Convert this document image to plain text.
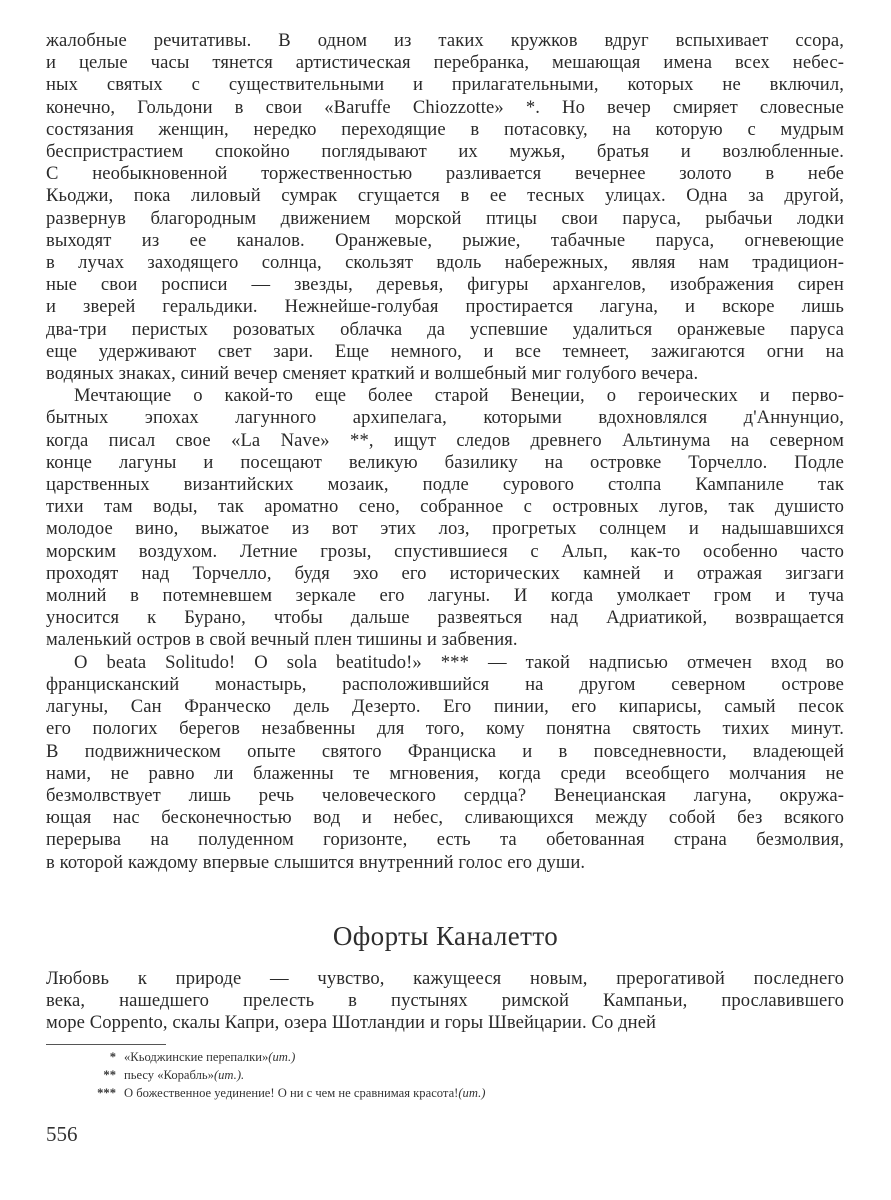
жалобные речитативы. В одном из таких кружков вдруг вспыхивает ссора,
и целые часы тянется артистическая перебранка, мешающая имена всех небес-
ных святых с существительными и прилагательными, которых не включил,
конечно, Гольдони в свои «Baruffe Chiozzotte» *. Но вечер смиряет словесные
состязания женщин, нередко переходящие в потасовку, на которую с мудрым
беспристрастием спокойно поглядывают их мужья, братья и возлюбленные.
С необыкновенной торжественностью разливается вечернее золото в небе
Кьоджи, пока лиловый сумрак сгущается в ее тесных улицах. Одна за другой,
развернув благородным движением морской птицы свои паруса, рыбачьи лодки
выходят из ее каналов. Оранжевые, рыжие, табачные паруса, огневеющие
в лучах заходящего солнца, скользят вдоль набережных, являя нам традицион-
ные свои росписи — звезды, деревья, фигуры архангелов, изображения сирен
и зверей геральдики. Нежнейше-голубая простирается лагуна, и вскоре лишь
два-три перистых розоватых облачка да успевшие удалиться оранжевые паруса
еще удерживают свет зари. Еще немного, и все темнеет, зажигаются огни на
водяных знаках, синий вечер сменяет краткий и волшебный миг голубого вечера.
Мечтающие о какой-то еще более старой Венеции, о героических и перво-
бытных эпохах лагунного архипелага, которыми вдохновлялся д'Аннунцио,
когда писал свое «La Nave» **, ищут следов древнего Альтинума на северном
конце лагуны и посещают великую базилику на островке Торчелло. Подле
царственных византийских мозаик, подле сурового столпа Кампаниле так
тихи там воды, так ароматно сено, собранное с островных лугов, так душисто
молодое вино, выжатое из вот этих лоз, прогретых солнцем и надышавшихся
морским воздухом. Летние грозы, спустившиеся с Альп, как-то особенно часто
проходят над Торчелло, будя эхо его исторических камней и отражая зигзаги
молний в потемневшем зеркале его лагуны. И когда умолкает гром и туча
уносится к Бурано, чтобы дальше развеяться над Адриатикой, возвращается
маленький остров в свой вечный плен тишины и забвения.
O beata Solitudo! O sola beatitudo!» *** — такой надписью отмечен вход во
францисканский монастырь, расположившийся на другом северном острове
лагуны, Сан Франческо дель Дезерто. Его пинии, его кипарисы, самый песок
его пологих берегов незабвенны для того, кому понятна святость тихих минут.
В подвижническом опыте святого Франциска и в повседневности, владеющей
нами, не равно ли блаженны те мгновения, когда среди всеобщего молчания не
безмолвствует лишь речь человеческого сердца? Венецианская лагуна, окружа-
ющая нас бесконечностью вод и небес, сливающихся между собой без всякого
перерыва на полуденном горизонте, есть та обетованная страна безмолвия,
в которой каждому впервые слышится внутренний голос его души.
Офорты Каналетто
Любовь к природе — чувство, кажущееся новым, прерогативой последнего
века, нашедшего прелесть в пустынях римской Кампаньи, прославившего
море Соррento, скалы Капри, озера Шотландии и горы Швейцарии. Со дней
* «Кьоджинские перепалки» (ит.)
** пьесу «Корабль» (ит.).
*** О божественное уединение! О ни с чем не сравнимая красота! (ит.)
556
